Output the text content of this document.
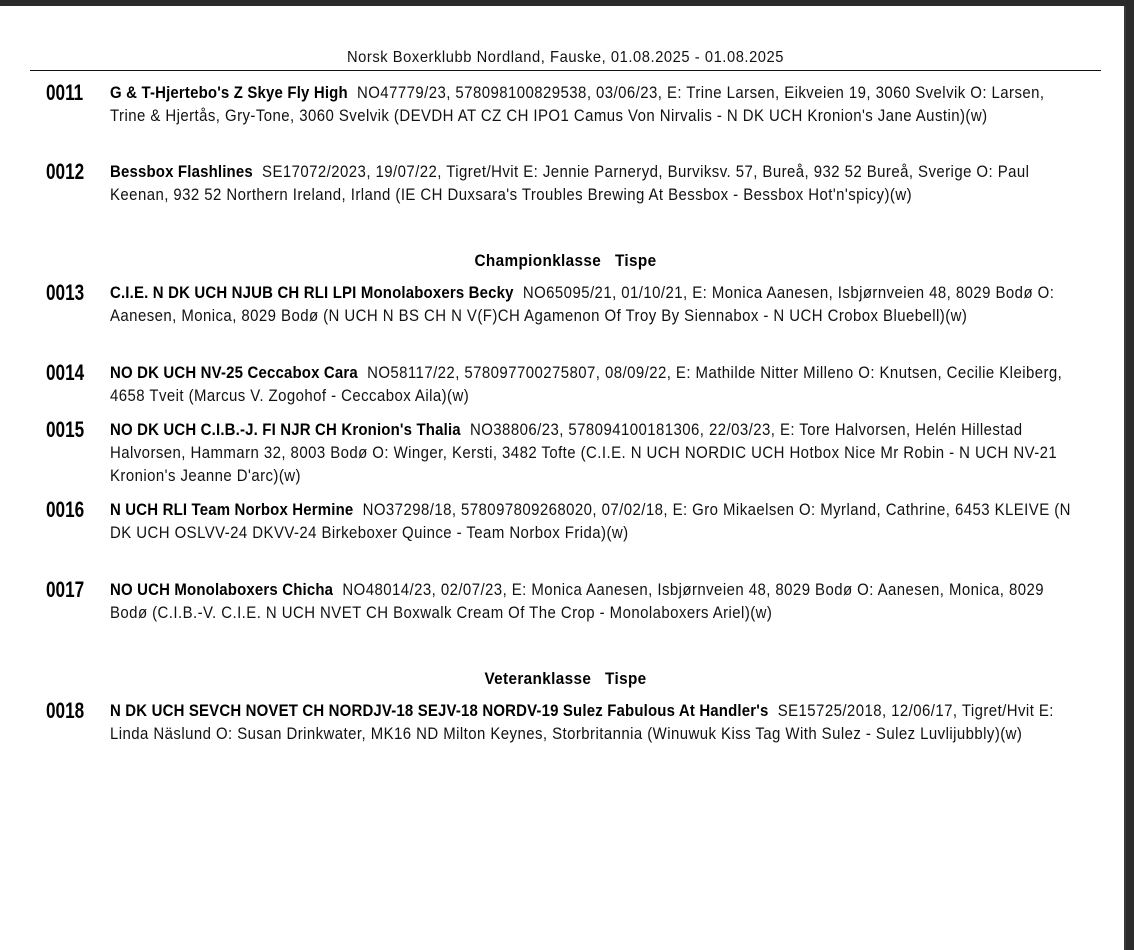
Norsk Boxerklubb Nordland, Fauske, 01.08.2025 - 01.08.2025
0011 G & T-Hjertebo's Z Skye Fly High NO47779/23, 578098100829538, 03/06/23, E: Trine Larsen, Eikveien 19, 3060 Svelvik O: Larsen, Trine & Hjertås, Gry-Tone, 3060 Svelvik (DEVDH AT CZ CH IPO1 Camus Von Nirvalis - N DK UCH Kronion's Jane Austin)(w)
0012 Bessbox Flashlines SE17072/2023, 19/07/22, Tigret/Hvit E: Jennie Parneryd, Burviksv. 57, Bureå, 932 52 Bureå, Sverige O: Paul Keenan, 932 52 Northern Ireland, Irland (IE CH Duxsara's Troubles Brewing At Bessbox - Bessbox Hot'n'spicy)(w)
Championklasse Tispe
0013 C.I.E. N DK UCH NJUB CH RLI LPI Monolaboxers Becky NO65095/21, 01/10/21, E: Monica Aanesen, Isbjørnveien 48, 8029 Bodø O: Aanesen, Monica, 8029 Bodø (N UCH N BS CH N V(F)CH Agamenon Of Troy By Siennabox - N UCH Crobox Bluebell)(w)
0014 NO DK UCH NV-25 Ceccabox Cara NO58117/22, 578097700275807, 08/09/22, E: Mathilde Nitter Milleno O: Knutsen, Cecilie Kleiberg, 4658 Tveit (Marcus V. Zogohof - Ceccabox Aila)(w)
0015 NO DK UCH C.I.B.-J. FI NJR CH Kronion's Thalia NO38806/23, 578094100181306, 22/03/23, E: Tore Halvorsen, Helén Hillestad Halvorsen, Hammarn 32, 8003 Bodø O: Winger, Kersti, 3482 Tofte (C.I.E. N UCH NORDIC UCH Hotbox Nice Mr Robin - N UCH NV-21 Kronion's Jeanne D'arc)(w)
0016 N UCH RLI Team Norbox Hermine NO37298/18, 578097809268020, 07/02/18, E: Gro Mikaelsen O: Myrland, Cathrine, 6453 KLEIVE (N DK UCH OSLVV-24 DKVV-24 Birkeboxer Quince - Team Norbox Frida)(w)
0017 NO UCH Monolaboxers Chicha NO48014/23, 02/07/23, E: Monica Aanesen, Isbjørnveien 48, 8029 Bodø O: Aanesen, Monica, 8029 Bodø (C.I.B.-V. C.I.E. N UCH NVET CH Boxwalk Cream Of The Crop - Monolaboxers Ariel)(w)
Veteranklasse Tispe
0018 N DK UCH SEVCH NOVET CH NORDJV-18 SEJV-18 NORDV-19 Sulez Fabulous At Handler's SE15725/2018, 12/06/17, Tigret/Hvit E: Linda Näslund O: Susan Drinkwater, MK16 ND Milton Keynes, Storbritannia (Winuwuk Kiss Tag With Sulez - Sulez Luvlijubbly)(w)
